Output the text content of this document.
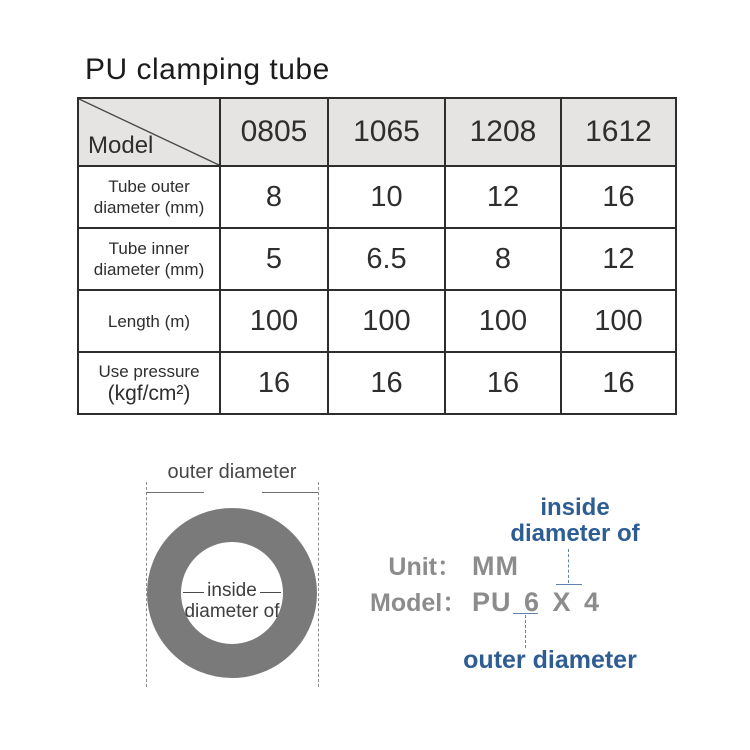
PU clamping tube
Model	0805	1065	1208	1612
Tube outer diameter (mm)	8	10	12	16
Tube inner diameter (mm)	5	6.5	8	12
Length (m)	100	100	100	100
Use pressure
(kgf/cm²)	16	16	16	16
outer diameter
inside
diameter of
inside
diameter of
Unit： MM
Model： PU 6 X 4
outer diameter
